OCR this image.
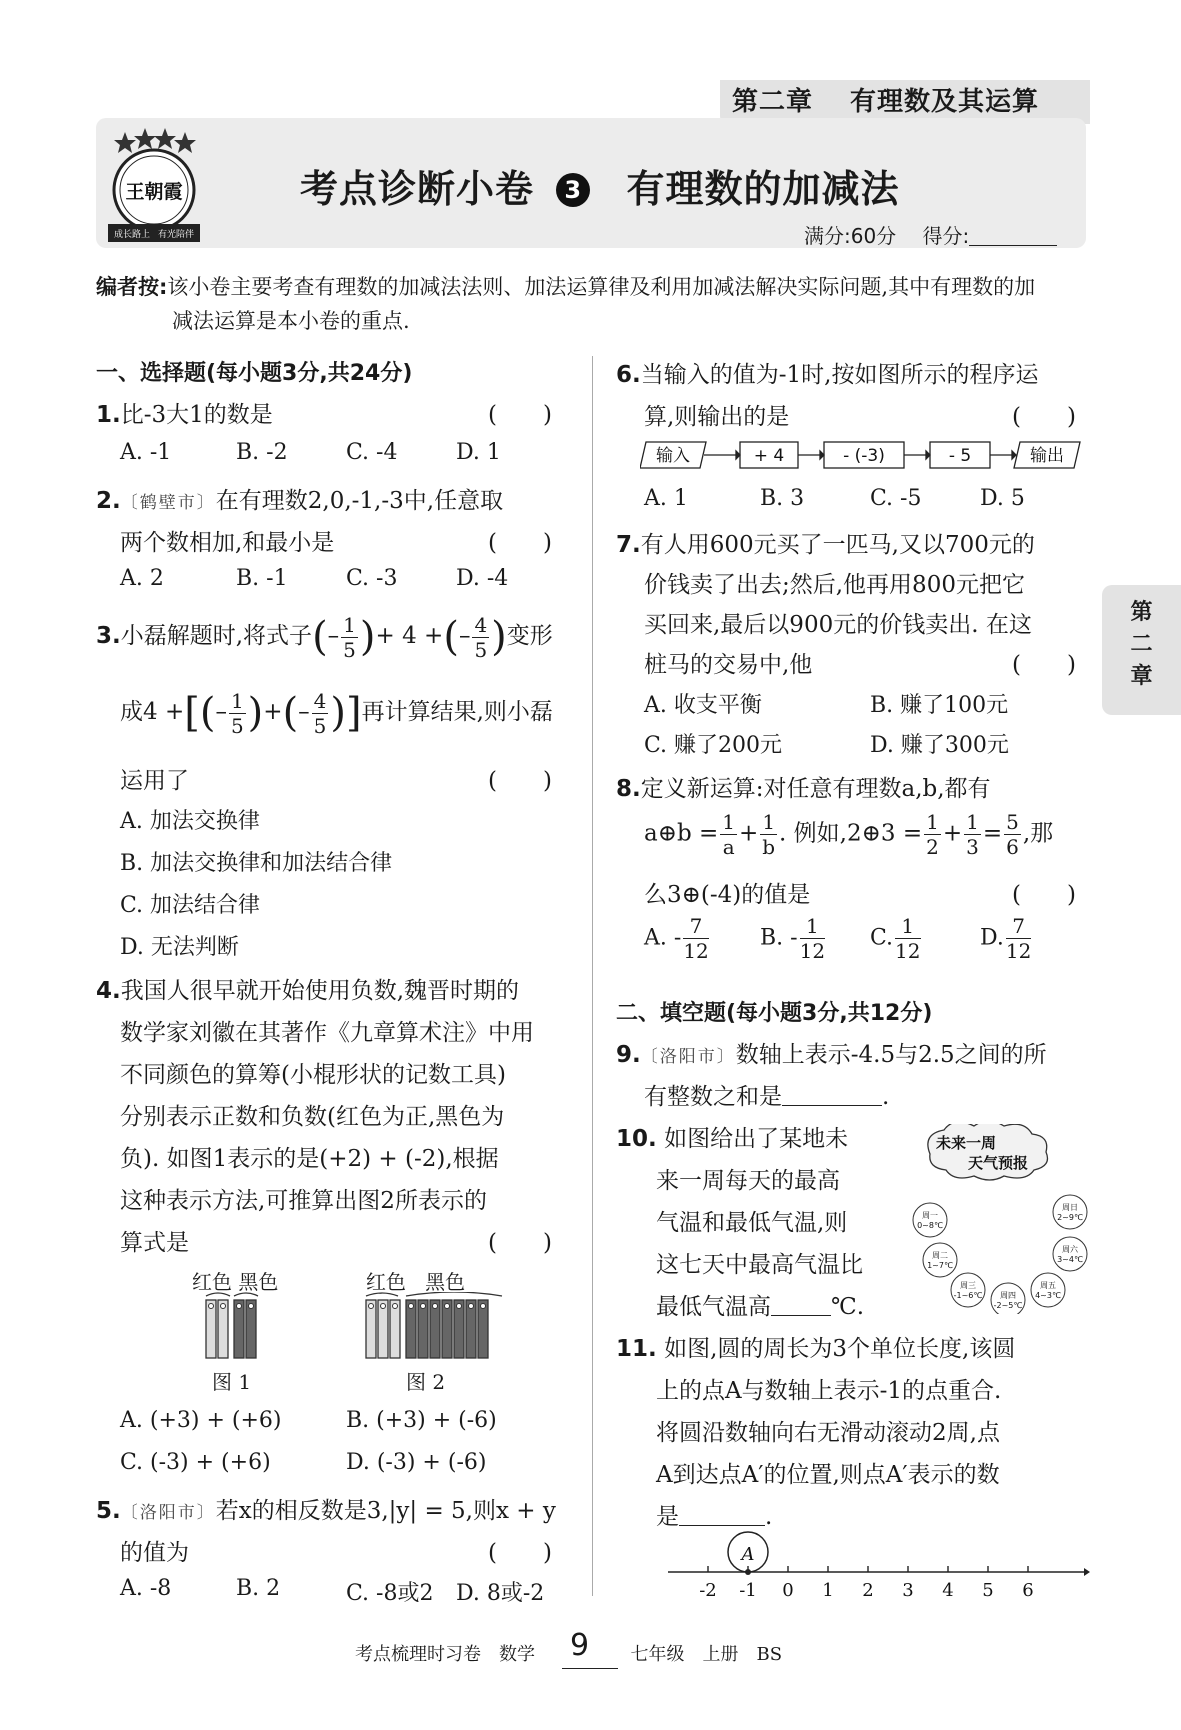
第二章 有理数及其运算
王朝霞
成长路上 有光陪伴
考点诊断小卷 3 有理数的加减法
满分:60分 得分:
编者按:该小卷主要考查有理数的加减法法则、加法运算律及利用加减法解决实际问题,其中有理数的加
减法运算是本小卷的重点.
一、选择题(每小题3分,共24分)
1.比-3大1的数是	(　　)
A. -1	B. -2	C. -4	D. 1
2.〔鹤壁市〕在有理数2,0,-1,-3中,任意取
两个数相加,和最小是	(　　)
A. 2	B. -1	C. -3	D. -4
3.小磊解题时,将式子(– $\frac{1}{5}$ )+ 4 +(– $\frac{4}{5}$ )变形
成4 +[(– $\frac{1}{5}$ )+(– $\frac{4}{5}$ )]再计算结果,则小磊
运用了	(　　)
A. 加法交换律
B. 加法交换律和加法结合律
C. 加法结合律
D. 无法判断
4.我国人很早就开始使用负数,魏晋时期的
数学家刘徽在其著作《九章算术注》中用
不同颜色的算筹(小棍形状的记数工具)
分别表示正数和负数(红色为正,黑色为
负). 如图1表示的是(+2) + (-2),根据
这种表示方法,可推算出图2所表示的
算式是	(　　)
红色 黑色	红色 黑色
图 1	图 2
A. (+3) + (+6)	B. (+3) + (-6)
C. (-3) + (+6)	D. (-3) + (-6)
5.〔洛阳市〕若x的相反数是3,|y| = 5,则x + y
的值为	(　　)
A. -8	B. 2	C. -8或2 D. 8或-2
6.当输入的值为-1时,按如图所示的程序运
算,则输出的是	(　　)
输入	+ 4	- (-3)	- 5	输出
A. 1	B. 3	C. -5	D. 5
7.有人用600元买了一匹马,又以700元的
价钱卖了出去;然后,他再用800元把它
买回来,最后以900元的价钱卖出. 在这
桩马的交易中,他	(　　)
A. 收支平衡	B. 赚了100元
C. 赚了200元	D. 赚了300元
8.定义新运算:对任意有理数a,b,都有
a⊕b = $\frac{1}{a} + \frac{1}{b}$ . 例如,2⊕3 = $\frac{1}{2} + \frac{1}{3} = \frac{5}{6}$ ,那
么3⊕(-4)的值是	(　　)
A. - $\frac{7}{12} B$. - $\frac{1}{12} C$. $\frac{1}{12}$	D. $\frac{7}{12}$
二、填空题(每小题3分,共12分)
9.〔洛阳市〕数轴上表示-4.5与2.5之间的所
有整数之和是	.
10. 如图给出了某地未
来一周每天的最高
气温和最低气温,则
这七天中最高气温比
最低气温高	℃.
未来一周
天气预报
周一
0~8℃
周二
1~7℃
周三
-1~6℃ 周四
-2~5℃
周五
4~3℃
周六
3~4℃
周日
2~9℃
11. 如图,圆的周长为3个单位长度,该圆
上的点A与数轴上表示-1的点重合.
将圆沿数轴向右无滑动滚动2周,点
A到达点A′的位置,则点A′表示的数
是	.
A
-2 -1 0 1 2 3 4 5 6
第
二
章
考点梳理时习卷　数学	七年级　上册　BS
9
